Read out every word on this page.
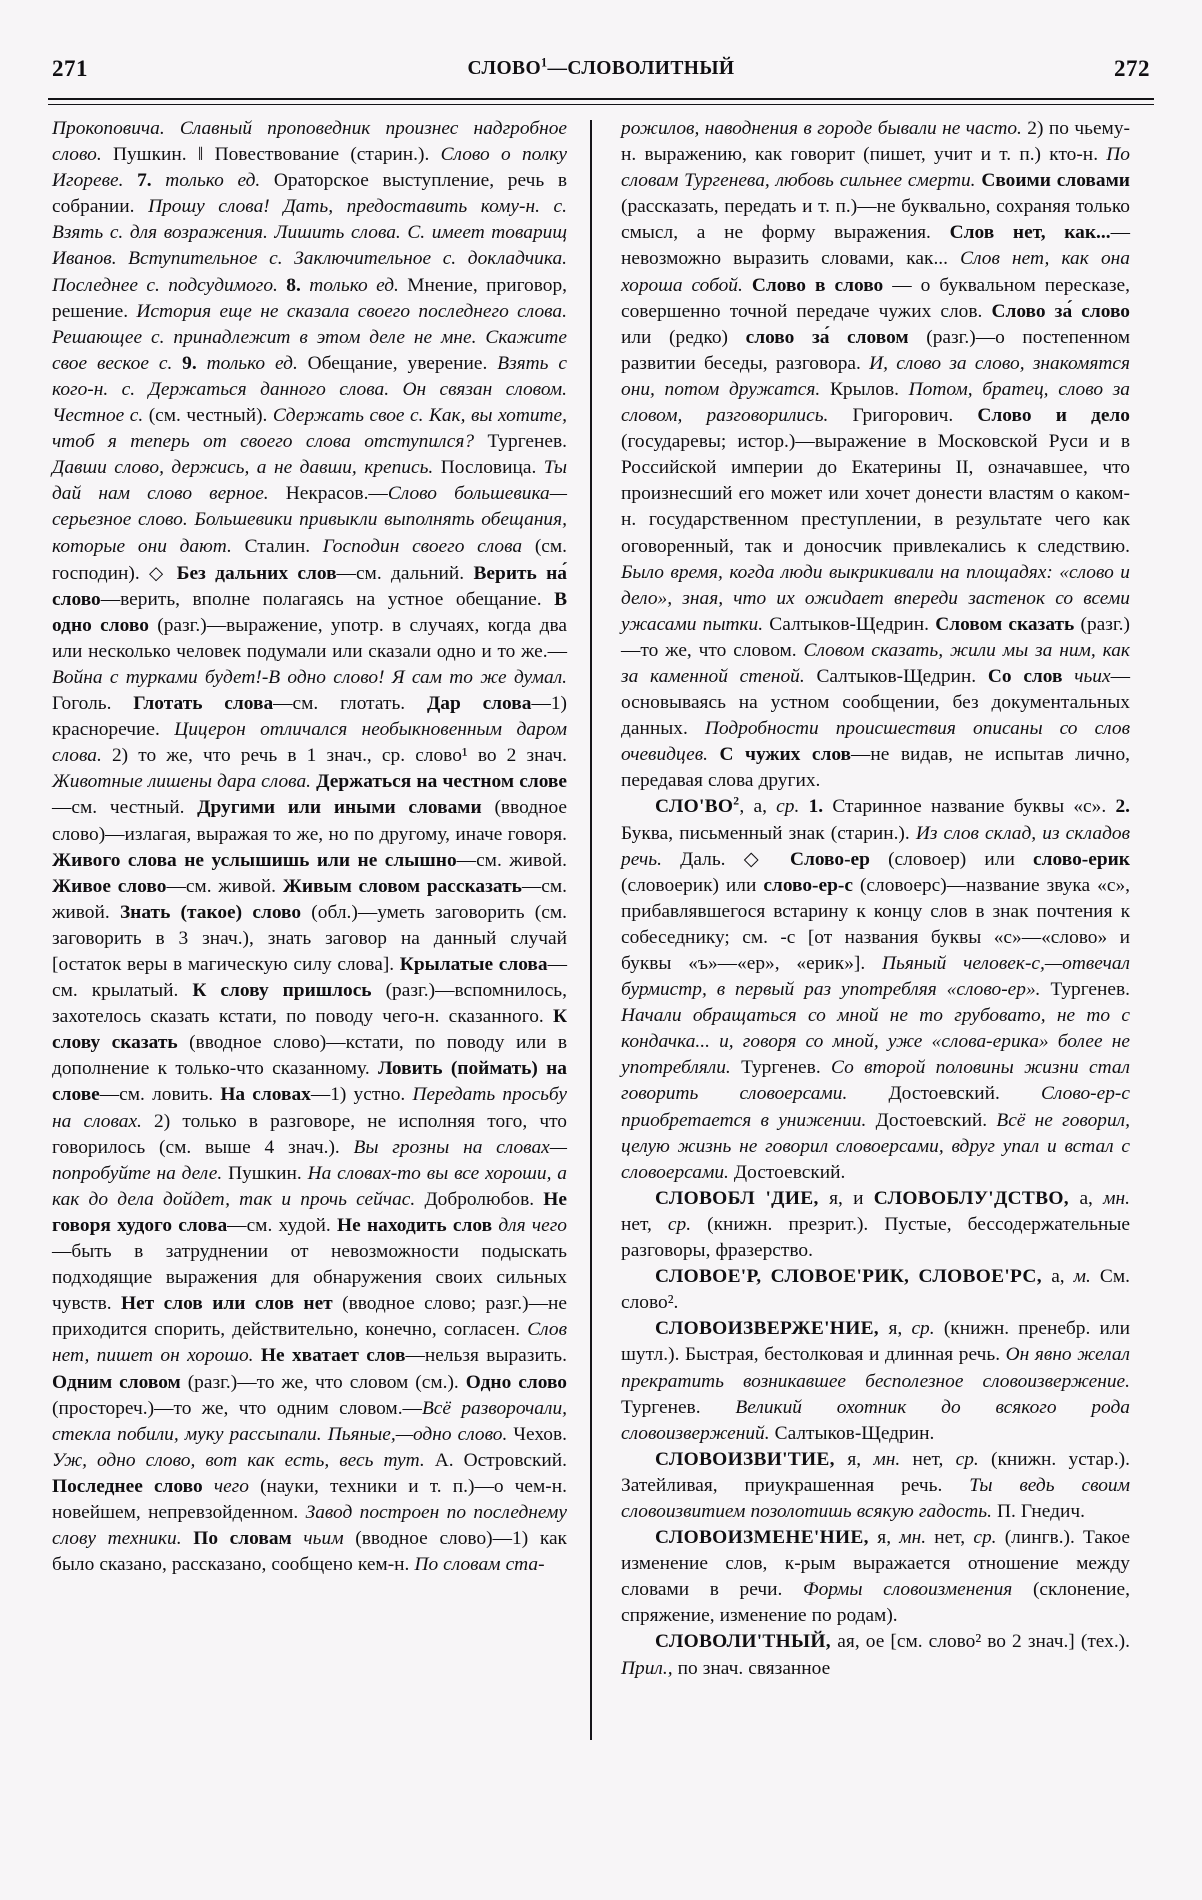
271	СЛОВО$^1$—СЛОВОЛИТНЫЙ	272

Прокоповича. Славный проповедник произнес надгробное слово. Пушкин. ǁ Повествование (старин.). Слово о полку Игореве. 7. только ед. Ораторское выступление, речь в собрании. Прошу слова! Дать, предоставить кому-н. с. Взять с. для возражения. Лишить слова. С. имеет товарищ Иванов. Вступительное с. Заключительное с. докладчика. Последнее с. подсудимого. 8. только ед. Мнение, приговор, решение. История еще не сказала своего последнего слова. Решающее с. принадлежит в этом деле не мне. Скажите свое веское с. 9. только ед. Обещание, уверение. Взять с кого-н. с. Держаться данного слова. Он связан словом. Честное с. (см. честный). Сдержать свое с. Как, вы хотите, чтоб я теперь от своего слова отступился? Тургенев. Давши слово, держись, а не давши, крепись. Пословица. Ты дай нам слово верное. Некрасов.—Слово большевика—серьезное слово. Большевики привыкли выполнять обещания, которые они дают. Сталин. Господин своего слова (см. господин). ◇ Без дальних слов—см. дальний. Верить на́ слово—верить, вполне полагаясь на устное обещание. В одно слово (разг.)—выражение, употр. в случаях, когда два или несколько человек подумали или сказали одно и то же.—Война с турками будет!-В одно слово! Я сам то же думал. Гоголь. Глотать слова—см. глотать. Дар слова—1) красноречие. Цицерон отличался необыкновенным даром слова. 2) то же, что речь в 1 знач., ср. слово¹ во 2 знач. Животные лишены дара слова. Держаться на честном слове—см. честный. Другими или иными словами (вводное слово)—излагая, выражая то же, но по другому, иначе говоря. Живого слова не услышишь или не слышно—см. живой. Живое слово—см. живой. Живым словом рассказать—см. живой. Знать (такое) слово (обл.)—уметь заговорить (см. заговорить в 3 знач.), знать заговор на данный случай [остаток веры в магическую силу слова]. Крылатые слова—см. крылатый. К слову пришлось (разг.)—вспомнилось, захотелось сказать кстати, по поводу чего-н. сказанного. К слову сказать (вводное слово)—кстати, по поводу или в дополнение к только-что сказанному. Ловить (поймать) на слове—см. ловить. На словах—1) устно. Передать просьбу на словах. 2) только в разговоре, не исполняя того, что говорилось (см. выше 4 знач.). Вы грозны на словах—попробуйте на деле. Пушкин. На словах-то вы все хороши, а как до дела дойдет, так и прочь сейчас. Добролюбов. Не говоря худого слова—см. худой. Не находить слов для чего—быть в затруднении от невозможности подыскать подходящие выражения для обнаружения своих сильных чувств. Нет слов или слов нет (вводное слово; разг.)—не приходится спорить, действительно, конечно, согласен. Слов нет, пишет он хорошо. Не хватает слов—нельзя выразить. Одним словом (разг.)—то же, что словом (см.). Одно слово (простореч.)—то же, что одним словом.—Всё разворочали, стекла побили, муку рассыпали. Пьяные,—одно слово. Чехов. Уж, одно слово, вот как есть, весь тут. А. Островский. Последнее слово чего (науки, техники и т. п.)—о чем-н. новейшем, непревзойденном. Завод построен по последнему слову техники. По словам чьим (вводное слово)—1) как было сказано, рассказано, сообщено кем-н. По словам ста-

рожилов, наводнения в городе бывали не часто. 2) по чьему-н. выражению, как говорит (пишет, учит и т. п.) кто-н. По словам Тургенева, любовь сильнее смерти. Своими словами (рассказать, передать и т. п.)—не буквально, сохраняя только смысл, а не форму выражения. Слов нет, как...—невозможно выразить словами, как... Слов нет, как она хороша собой. Слово в слово — о буквальном пересказе, совершенно точной передаче чужих слов. Слово за́ слово или (редко) слово за́ словом (разг.)—о постепенном развитии беседы, разговора. И, слово за слово, знакомятся они, потом дружатся. Крылов. Потом, братец, слово за словом, разговорились. Григорович. Слово и дело (государевы; истор.)—выражение в Московской Руси и в Российской империи до Екатерины II, означавшее, что произнесший его может или хочет донести властям о каком-н. государственном преступлении, в результате чего как оговоренный, так и доносчик привлекались к следствию. Было время, когда люди выкрикивали на площадях: «слово и дело», зная, что их ожидает впереди застенок со всеми ужасами пытки. Салтыков-Щедрин. Словом сказать (разг.)—то же, что словом. Словом сказать, жили мы за ним, как за каменной стеной. Салтыков-Щедрин. Со слов чьих—основываясь на устном сообщении, без документальных данных. Подробности происшествия описаны со слов очевидцев. С чужих слов—не видав, не испытав лично, передавая слова других.

$СЛО'ВО^2$, а, ср. 1. Старинное название буквы «с». 2. Буква, письменный знак (старин.). Из слов склад, из складов речь. Даль. ◇ Слово-ер (словоер) или слово-ерик (словоерик) или слово-ер-с (словоерс)—название звука «с», прибавлявшегося встарину к концу слов в знак почтения к собеседнику; см. -с [от названия буквы «с»—«слово» и буквы «ъ»—«ер», «ерик»]. Пьяный человек-с,—отвечал бурмистр, в первый раз употребляя «слово-ер». Тургенев. Начали обращаться со мной не то грубовато, не то с кондачка... и, говоря со мной, уже «слова-ерика» более не употребляли. Тургенев. Со второй половины жизни стал говорить словоерсами. Достоевский. Слово-ер-с приобретается в унижении. Достоевский. Всё не говорил, целую жизнь не говорил словоерсами, вдруг упал и встал с словоерсами. Достоевский.

СЛОВОБЛ 'ДИЕ, я, и СЛОВОБЛУ'ДСТВО, а, мн. нет, ср. (книжн. презрит.). Пустые, бессодержательные разговоры, фразерство.

СЛОВОЕ'Р, СЛОВОЕ'РИК, СЛОВОЕ'РС, а, м. См. слово².

СЛОВОИЗВЕРЖЕ'НИЕ, я, ср. (книжн. пренебр. или шутл.). Быстрая, бестолковая и длинная речь. Он явно желал прекратить возникавшее бесполезное словоизвержение. Тургенев. Великий охотник до всякого рода словоизвержений. Салтыков-Щедрин.

СЛОВОИЗВИ'ТИЕ, я, мн. нет, ср. (книжн. устар.). Затейливая, приукрашенная речь. Ты ведь своим словоизвитием позолотишь всякую гадость. П. Гнедич.

СЛОВОИЗМЕНЕ'НИЕ, я, мн. нет, ср. (лингв.). Такое изменение слов, к-рым выражается отношение между словами в речи. Формы словоизменения (склонение, спряжение, изменение по родам).

СЛОВОЛИ'ТНЫЙ, ая, ое [см. слово² во 2 знач.] (тех.). Прил., по знач. связанное
